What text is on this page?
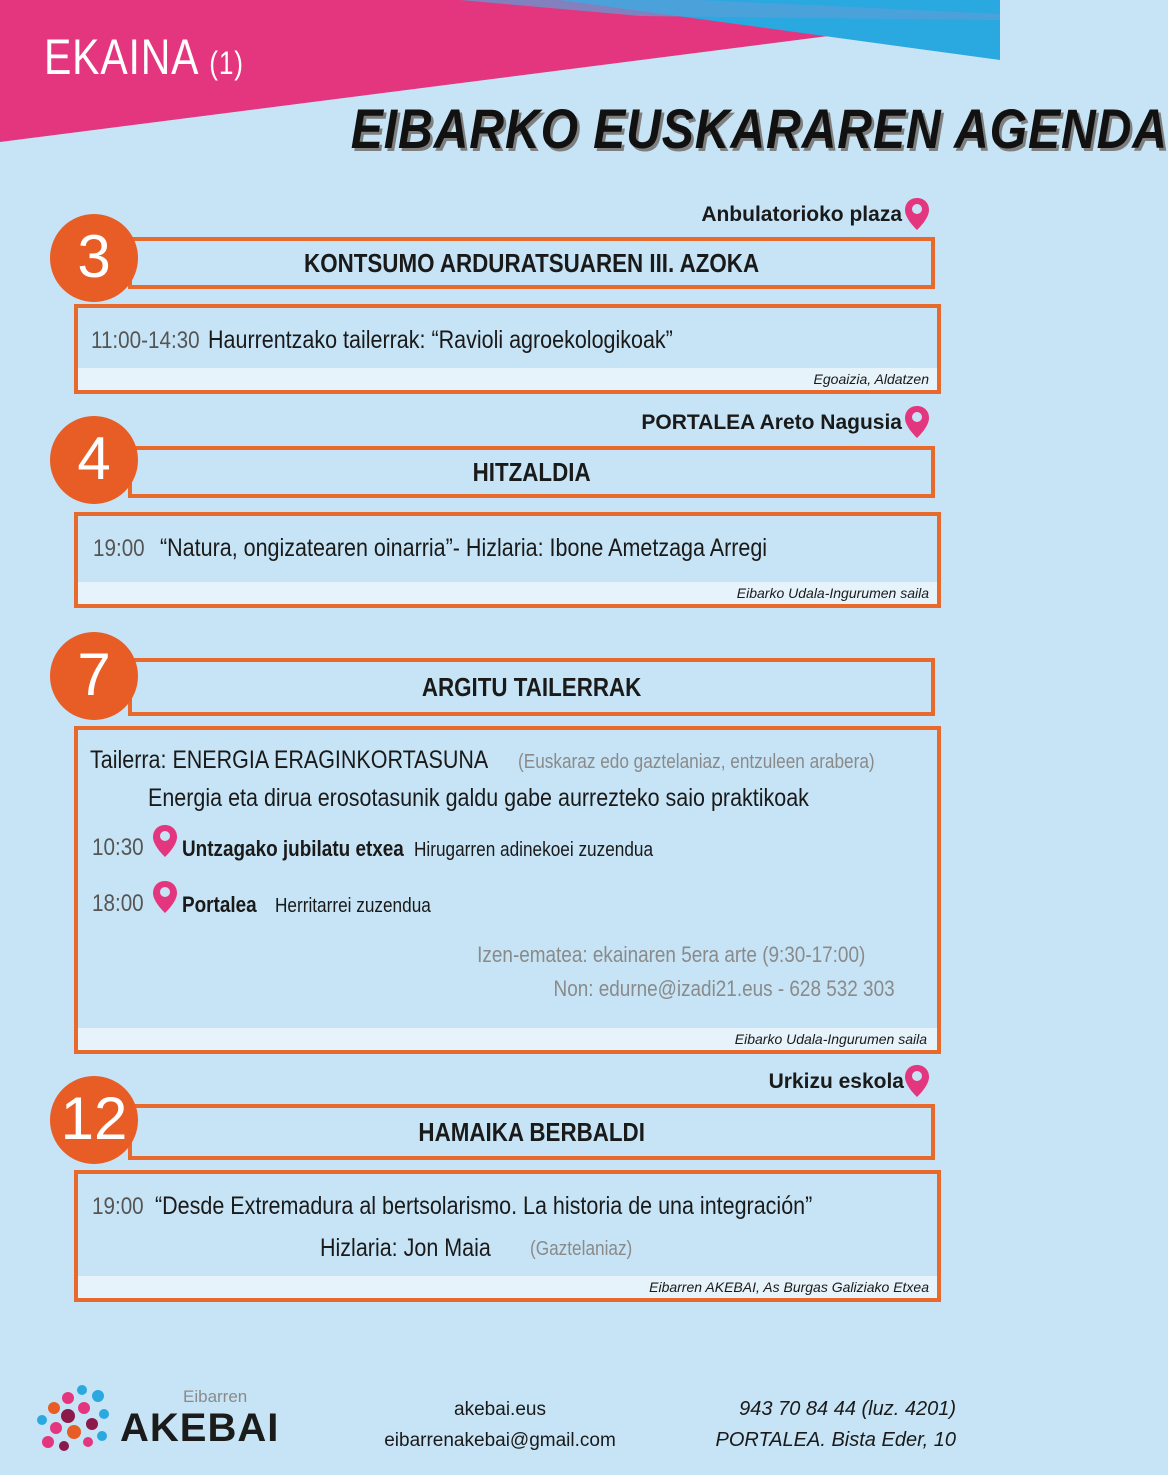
EKAINA (1)
EIBARKO EUSKARAREN AGENDA
Anbulatorioko plaza
KONTSUMO ARDURATSUAREN III. AZOKA
3
11:00-14:30 Haurrentzako tailerrak: “Ravioli agroekologikoak”
Egoaizia, Aldatzen
PORTALEA Areto Nagusia
HITZALDIA
4
19:00 “Natura, ongizatearen oinarria”- Hizlaria: Ibone Ametzaga Arregi
Eibarko Udala-Ingurumen saila
ARGITU TAILERRAK
7
Tailerra: ENERGIA ERAGINKORTASUNA (Euskaraz edo gaztelaniaz, entzuleen arabera)
Energia eta dirua erosotasunik galdu gabe aurrezteko saio praktikoak
10:30	Untzagako jubilatu etxea Hirugarren adinekoei zuzendua
18:00	Portalea Herritarrei zuzendua
Izen-ematea: ekainaren 5era arte (9:30-17:00)
Non: edurne@izadi21.eus - 628 532 303
Eibarko Udala-Ingurumen saila
Urkizu eskola
HAMAIKA BERBALDI
12
19:00 “Desde Extremadura al bertsolarismo. La historia de una integración”
Hizlaria: Jon Maia	(Gaztelaniaz)
Eibarren AKEBAI, As Burgas Galiziako Etxea
Eibarren
AKEBAI	akebai.eus
eibarrenakebai@gmail.com
943 70 84 44 (luz. 4201)
PORTALEA. Bista Eder, 10
